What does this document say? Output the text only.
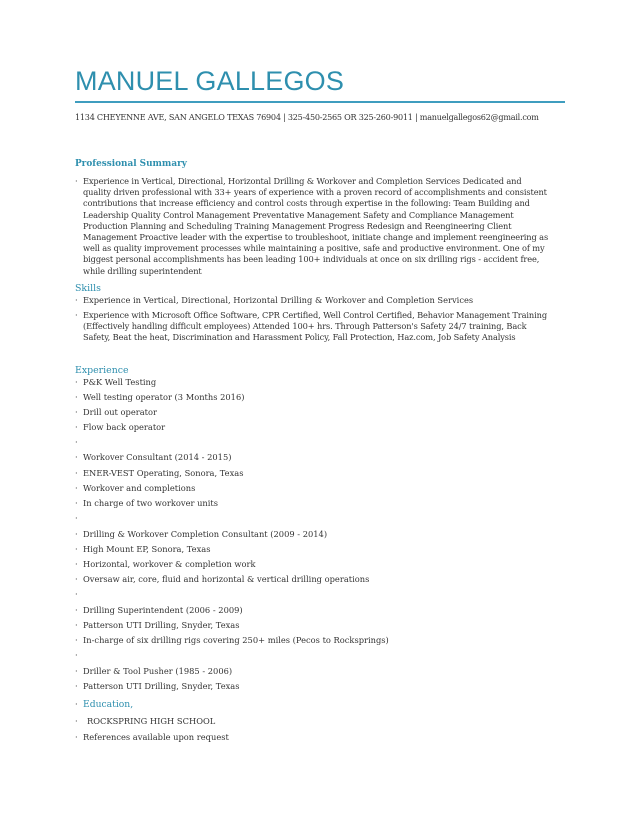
MANUEL GALLEGOS
1134 CHEYENNE AVE, SAN ANGELO TEXAS 76904 | 325-450-2565 OR 325-260-9011 | manuelgallegos62@gmail.com
Professional Summary
· Experience in Vertical, Directional, Horizontal Drilling & Workover and Completion Services Dedicated and quality driven professional with 33+ years of experience with a proven record of accomplishments and consistent contributions that increase efficiency and control costs through expertise in the following: Team Building and Leadership Quality Control Management Preventative Management Safety and Compliance Management Production Planning and Scheduling Training Management Progress Redesign and Reengineering Client Management Proactive leader with the expertise to troubleshoot, initiate change and implement reengineering as well as quality improvement processes while maintaining a positive, safe and productive environment. One of my biggest personal accomplishments has been leading 100+ individuals at once on six drilling rigs - accident free, while drilling superintendent
Skills
· Experience in Vertical, Directional, Horizontal Drilling & Workover and Completion Services
· Experience with Microsoft Office Software, CPR Certified, Well Control Certified, Behavior Management Training (Effectively handling difficult employees) Attended 100+ hrs. Through Patterson's Safety 24/7 training, Back Safety, Beat the heat, Discrimination and Harassment Policy, Fall Protection, Haz.com, Job Safety Analysis
Experience
· P&K Well Testing
· Well testing operator (3 Months 2016)
· Drill out operator
· Flow back operator
·
· Workover Consultant (2014 - 2015)
· ENER-VEST Operating, Sonora, Texas
· Workover and completions
· In charge of two workover units
·
· Drilling & Workover Completion Consultant (2009 - 2014)
· High Mount EP, Sonora, Texas
· Horizontal, workover & completion work
· Oversaw air, core, fluid and horizontal & vertical drilling operations
·
· Drilling Superintendent (2006 - 2009)
· Patterson UTI Drilling, Snyder, Texas
· In-charge of six drilling rigs covering 250+ miles (Pecos to Rocksprings)
·
· Driller & Tool Pusher (1985 - 2006)
· Patterson UTI Drilling, Snyder, Texas
· Education,
· ROCKSPRING HIGH SCHOOL
· References available upon request
